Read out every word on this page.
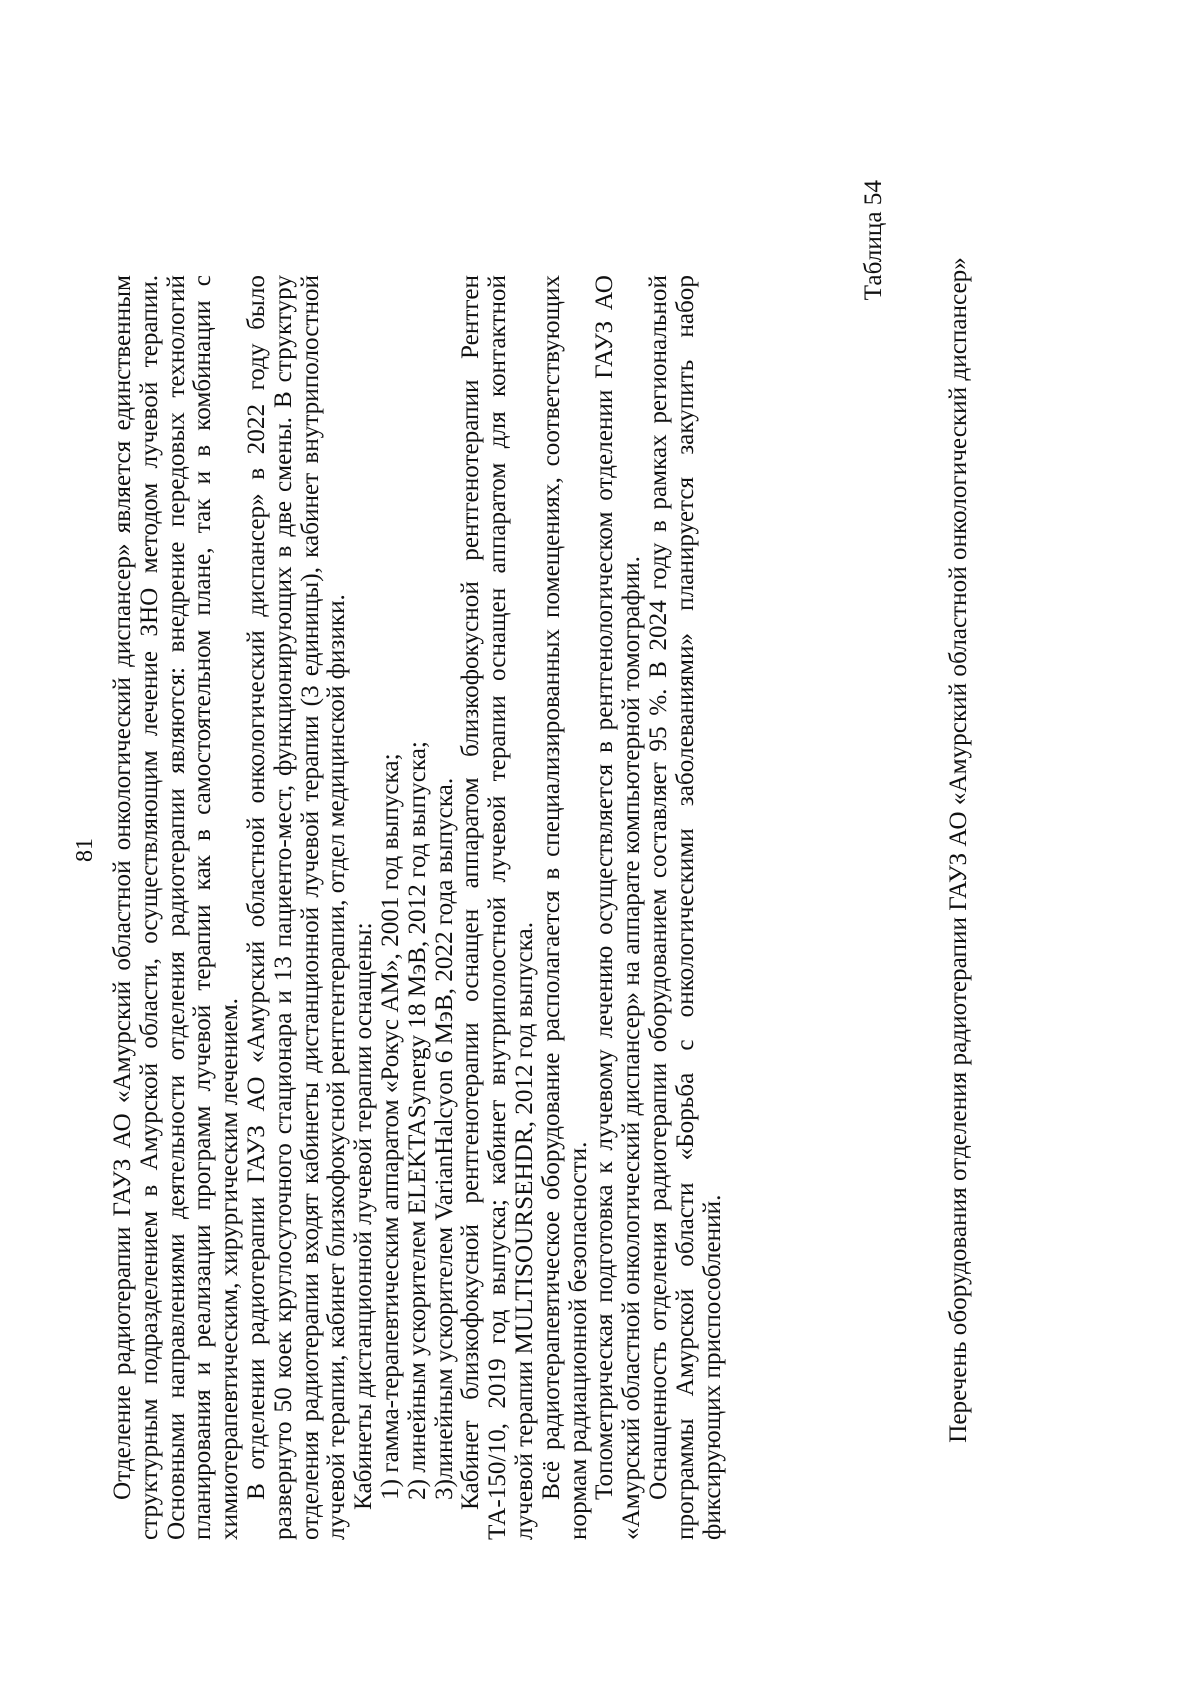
81 Отделение радиотерапии ГАУЗ АО «Амурский областной онкологический диспансер» является единственным структурным подразделением в Амурской области, осуществляющим лечение ЗНО методом лучевой терапии. Основными направлениями деятельности отделения радиотерапии являются: внедрение передовых технологий планирования и реализации программ лучевой терапии как в самостоятельном плане, так и в комбинации с химиотерапевтическим, хирургическим лечением. В отделении радиотерапии ГАУЗ АО «Амурский областной онкологический диспансер» в 2022 году было развернуто 50 коек круглосуточного стационара и 13 пациенто-мест, функционирующих в две смены. В структуру отделения радиотерапии входят кабинеты дистанционной лучевой терапии (3 единицы), кабинет внутриполостной лучевой терапии, кабинет близкофокусной рентгентерапии, отдел медицинской физики. Кабинеты дистанционной лучевой терапии оснащены: 1) гамма-терапевтическим аппаратом «Рокус АМ», 2001 год выпуска; 2) линейным ускорителем ELEKTASynergy 18 МэВ, 2012 год выпуска; 3)линейным ускорителем VarianHalcyon 6 МэВ, 2022 года выпуска. Кабинет близкофокусной рентгенотерапии оснащен аппаратом близкофокусной рентгенотерапии Рентген ТА-150/10, 2019 год выпуска; кабинет внутриполостной лучевой терапии оснащен аппаратом для контактной лучевой терапии MULTISOURSEHDR, 2012 год выпуска. Всё радиотерапевтическое оборудование располагается в специализированных помещениях, соответствующих нормам радиационной безопасности. Топометрическая подготовка к лучевому лечению осуществляется в рентгенологическом отделении ГАУЗ АО «Амурский областной онкологический диспансер» на аппарате компьютерной томографии. Оснащенность отделения радиотерапии оборудованием составляет 95 %. В 2024 году в рамках региональной программы Амурской области «Борьба с онкологическими заболеваниями» планируется закупить набор фиксирующих приспособлений.

Таблица 54
Перечень оборудования отделения радиотерапии ГАУЗ АО «Амурский областной онкологический диспансер»
